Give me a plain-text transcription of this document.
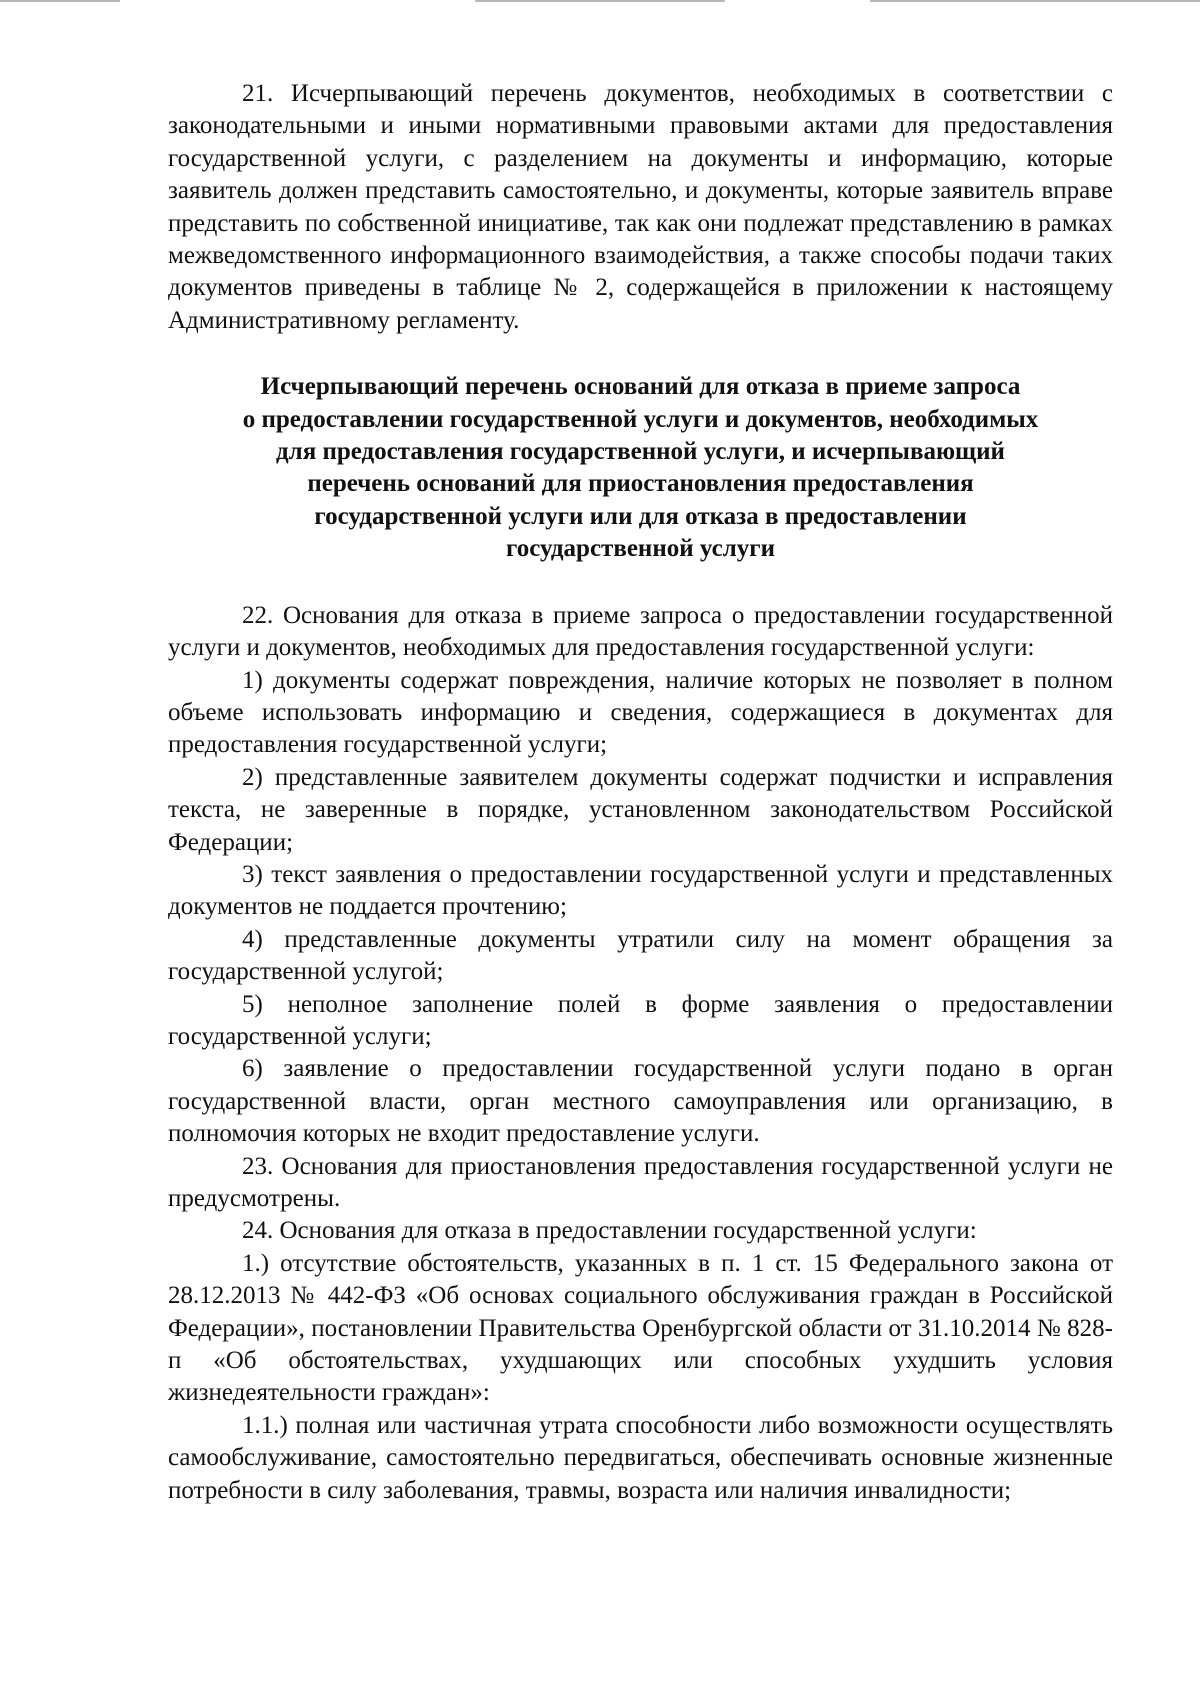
21. Исчерпывающий перечень документов, необходимых в соответствии с законодательными и иными нормативными правовыми актами для предоставления государственной услуги, с разделением на документы и информацию, которые заявитель должен представить самостоятельно, и документы, которые заявитель вправе представить по собственной инициативе, так как они подлежат представлению в рамках межведомственного информационного взаимодействия, а также способы подачи таких документов приведены в таблице № 2, содержащейся в приложении к настоящему Административному регламенту.

Исчерпывающий перечень оснований для отказа в приеме запроса
о предоставлении государственной услуги и документов, необходимых
для предоставления государственной услуги, и исчерпывающий
перечень оснований для приостановления предоставления
государственной услуги или для отказа в предоставлении
государственной услуги

22. Основания для отказа в приеме запроса о предоставлении государственной услуги и документов, необходимых для предоставления государственной услуги:

1) документы содержат повреждения, наличие которых не позволяет в полном объеме использовать информацию и сведения, содержащиеся в документах для предоставления государственной услуги;

2) представленные заявителем документы содержат подчистки и исправления текста, не заверенные в порядке, установленном законодательством Российской Федерации;

3) текст заявления о предоставлении государственной услуги и представленных документов не поддается прочтению;

4) представленные документы утратили силу на момент обращения за государственной услугой;

5) неполное заполнение полей в форме заявления о предоставлении государственной услуги;

6) заявление о предоставлении государственной услуги подано в орган государственной власти, орган местного самоуправления или организацию, в полномочия которых не входит предоставление услуги.

23. Основания для приостановления предоставления государственной услуги не предусмотрены.

24. Основания для отказа в предоставлении государственной услуги:

1.) отсутствие обстоятельств, указанных в п. 1 ст. 15 Федерального закона от 28.12.2013 № 442-ФЗ «Об основах социального обслуживания граждан в Российской Федерации», постановлении Правительства Оренбургской области от 31.10.2014 № 828-п «Об обстоятельствах, ухудшающих или способных ухудшить условия жизнедеятельности граждан»:

1.1.) полная или частичная утрата способности либо возможности осуществлять самообслуживание, самостоятельно передвигаться, обеспечивать основные жизненные потребности в силу заболевания, травмы, возраста или наличия инвалидности;
